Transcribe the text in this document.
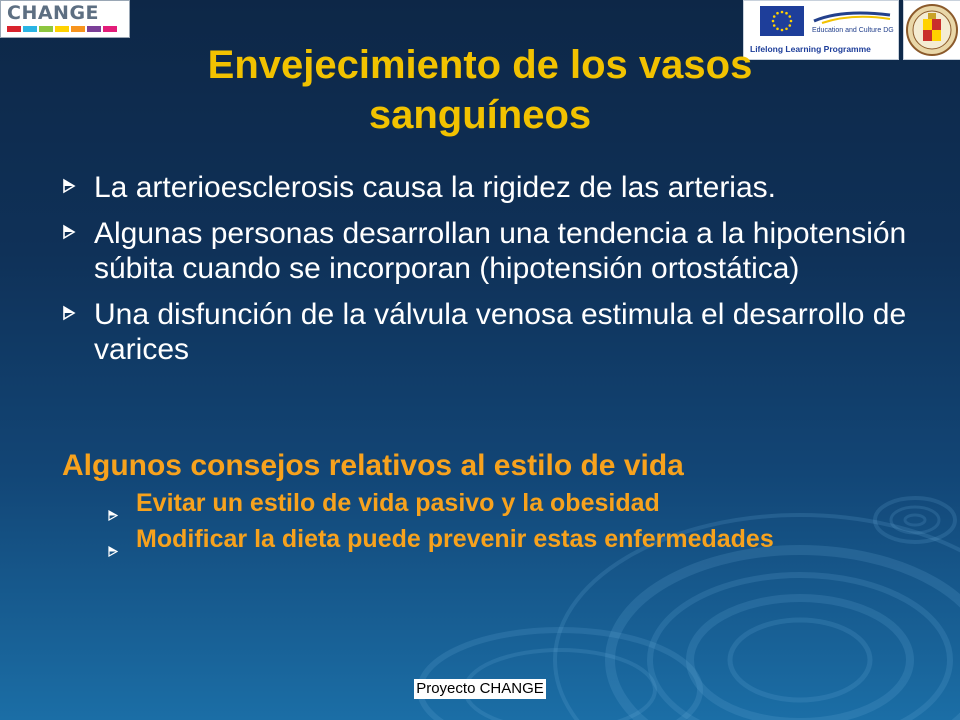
CHANGE
Education and Culture DG
Lifelong Learning Programme
Envejecimiento de los vasos
sanguíneos
La arterioesclerosis causa la rigidez de las arterias.
Algunas personas desarrollan una tendencia a la hipotensión súbita cuando se incorporan (hipotensión ortostática)
Una disfunción de la válvula venosa estimula el desarrollo de varices
Algunos consejos relativos al estilo de vida
Evitar un estilo de vida pasivo y la obesidad
Modificar la dieta puede prevenir estas enfermedades
Proyecto CHANGE
